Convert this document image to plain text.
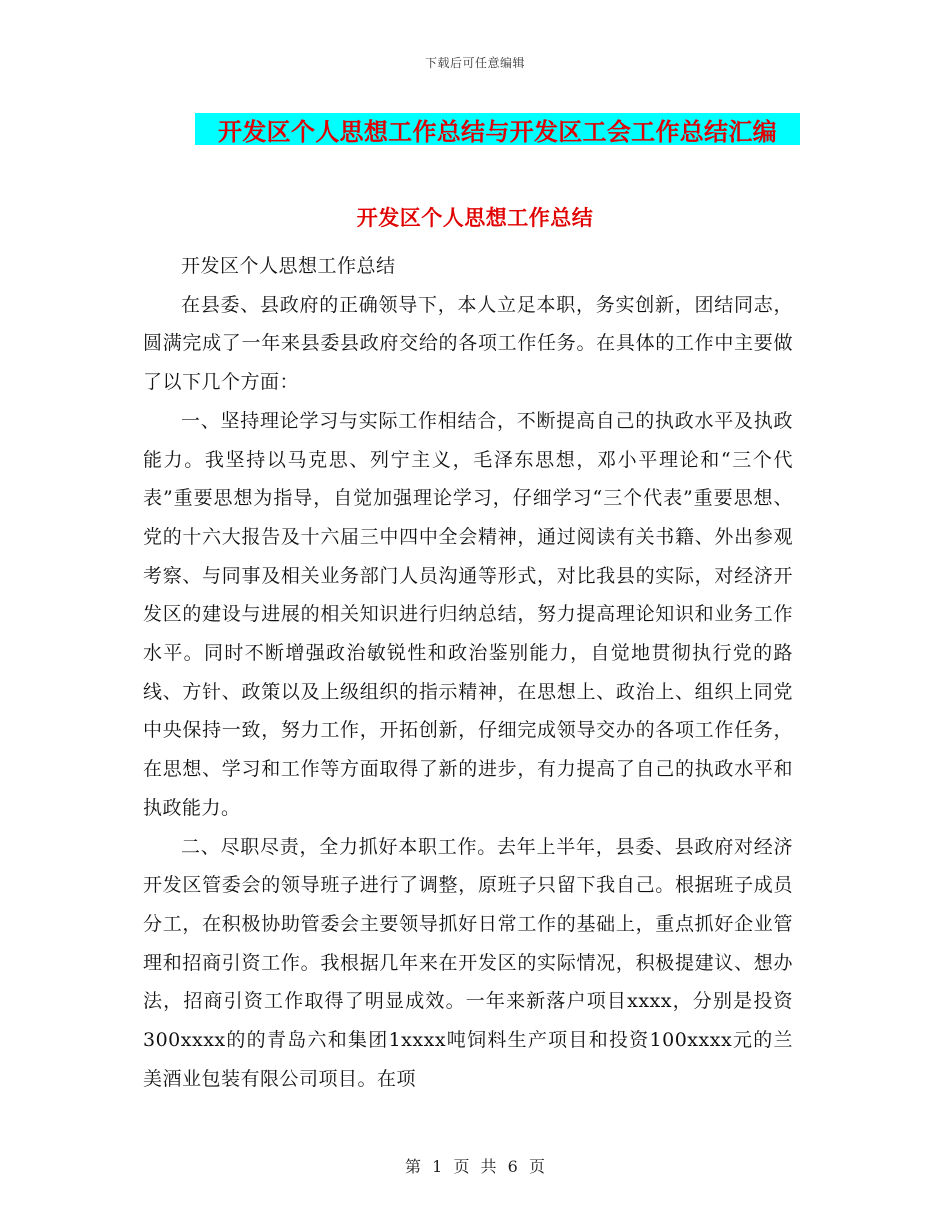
下载后可任意编辑
开发区个人思想工作总结与开发区工会工作总结汇编
开发区个人思想工作总结

开发区个人思想工作总结

在县委、县政府的正确领导下，本人立足本职，务实创新，团结同志，圆满完成了一年来县委县政府交给的各项工作任务。在具体的工作中主要做了以下几个方面：

一、坚持理论学习与实际工作相结合，不断提高自己的执政水平及执政能力。我坚持以马克思、列宁主义，毛泽东思想，邓小平理论和“三个代表”重要思想为指导，自觉加强理论学习，仔细学习“三个代表”重要思想、党的十六大报告及十六届三中四中全会精神，通过阅读有关书籍、外出参观考察、与同事及相关业务部门人员沟通等形式，对比我县的实际，对经济开发区的建设与进展的相关知识进行归纳总结，努力提高理论知识和业务工作水平。同时不断增强政治敏锐性和政治鉴别能力，自觉地贯彻执行党的路线、方针、政策以及上级组织的指示精神，在思想上、政治上、组织上同党中央保持一致，努力工作，开拓创新，仔细完成领导交办的各项工作任务，在思想、学习和工作等方面取得了新的进步，有力提高了自己的执政水平和执政能力。

二、尽职尽责，全力抓好本职工作。去年上半年，县委、县政府对经济开发区管委会的领导班子进行了调整，原班子只留下我自己。根据班子成员分工，在积极协助管委会主要领导抓好日常工作的基础上，重点抓好企业管理和招商引资工作。我根据几年来在开发区的实际情况，积极提建议、想办法，招商引资工作取得了明显成效。一年来新落户项目xxxx，分别是投资300xxxx的的青岛六和集团1xxxx吨饲料生产项目和投资100xxxx元的兰美酒业包装有限公司项目。在项

第 1 页 共 6 页
